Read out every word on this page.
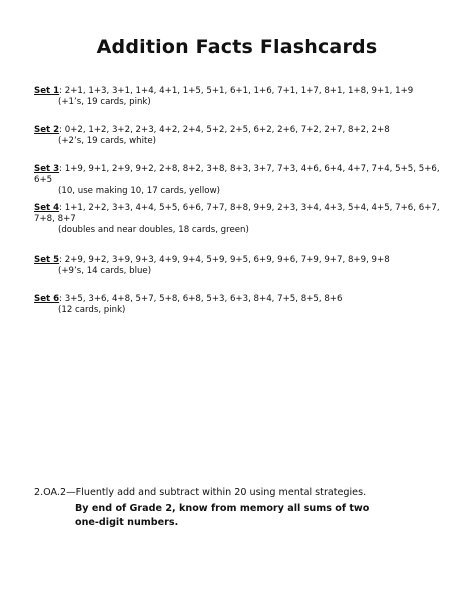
Addition Facts Flashcards
Set 1: 2+1, 1+3, 3+1, 1+4, 4+1, 1+5, 5+1, 6+1, 1+6, 7+1, 1+7, 8+1, 1+8, 9+1, 1+9
(+1’s, 19 cards, pink)
Set 2: 0+2, 1+2, 3+2, 2+3, 4+2, 2+4, 5+2, 2+5, 6+2, 2+6, 7+2, 2+7, 8+2, 2+8
(+2’s, 19 cards, white)
Set 3: 1+9, 9+1, 2+9, 9+2, 2+8, 8+2, 3+8, 8+3, 3+7, 7+3, 4+6, 6+4, 4+7, 7+4, 5+5, 5+6, 6+5
(10, use making 10, 17 cards, yellow)
Set 4: 1+1, 2+2, 3+3, 4+4, 5+5, 6+6, 7+7, 8+8, 9+9, 2+3, 3+4, 4+3, 5+4, 4+5, 7+6, 6+7, 7+8, 8+7
(doubles and near doubles, 18 cards, green)
Set 5: 2+9, 9+2, 3+9, 9+3, 4+9, 9+4, 5+9, 9+5, 6+9, 9+6, 7+9, 9+7, 8+9, 9+8
(+9’s, 14 cards, blue)
Set 6: 3+5, 3+6, 4+8, 5+7, 5+8, 6+8, 5+3, 6+3, 8+4, 7+5, 8+5, 8+6
(12 cards, pink)
2.OA.2—Fluently add and subtract within 20 using mental strategies.
By end of Grade 2, know from memory all sums of two one-digit numbers.
